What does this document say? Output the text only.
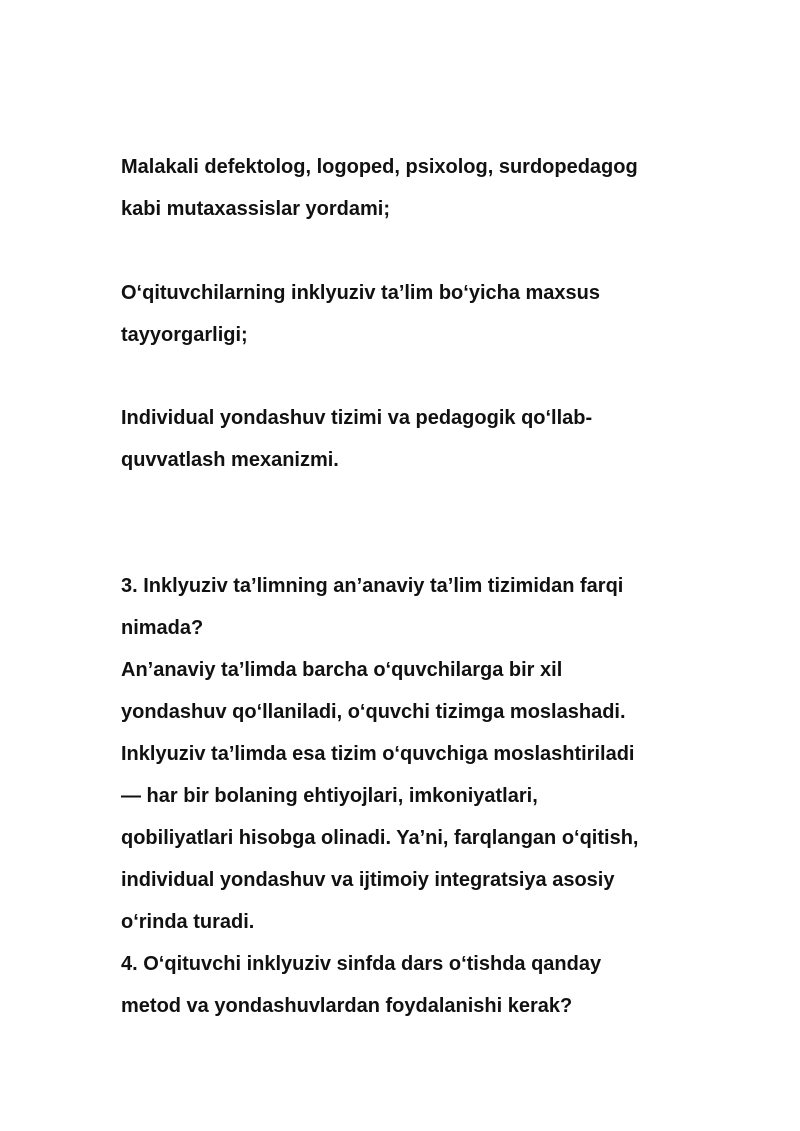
Malakali defektolog, logoped, psixolog, surdopedagog
kabi mutaxassislar yordami;
O‘qituvchilarning inklyuziv ta’lim bo‘yicha maxsus
tayyorgarligi;
Individual yondashuv tizimi va pedagogik qo‘llab-
quvvatlash mexanizmi.
3. Inklyuziv ta’limning an’anaviy ta’lim tizimidan farqi
nimada?
An’anaviy ta’limda barcha o‘quvchilarga bir xil
yondashuv qo‘llaniladi, o‘quvchi tizimga moslashadi.
Inklyuziv ta’limda esa tizim o‘quvchiga moslashtiriladi
— har bir bolaning ehtiyojlari, imkoniyatlari,
qobiliyatlari hisobga olinadi. Ya’ni, farqlangan o‘qitish,
individual yondashuv va ijtimoiy integratsiya asosiy
o‘rinda turadi.
4. O‘qituvchi inklyuziv sinfda dars o‘tishda qanday
metod va yondashuvlardan foydalanishi kerak?
